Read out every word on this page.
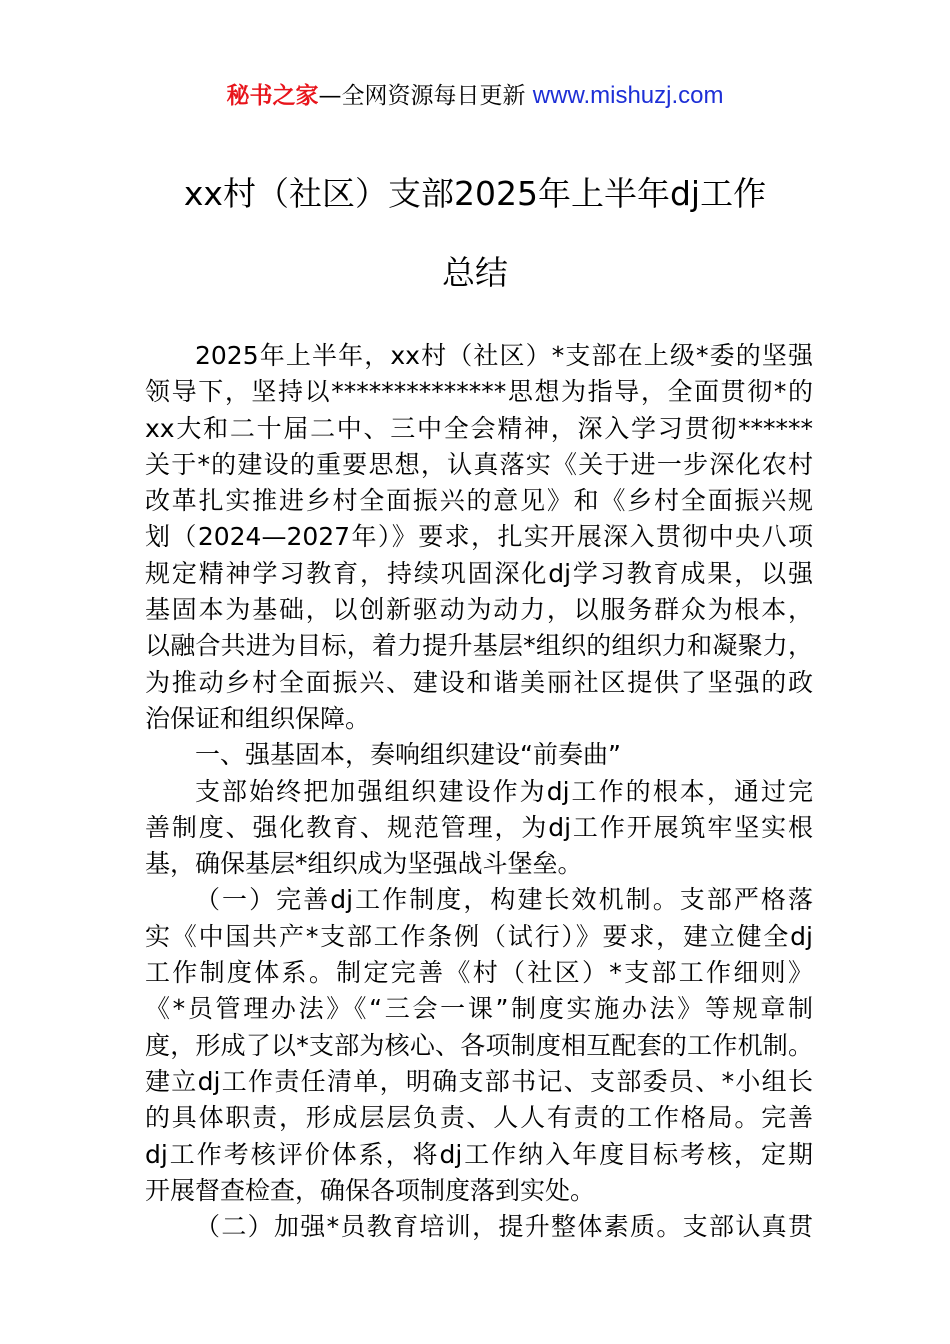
秘书之家—全网资源每日更新 www.mishuzj.com
xx村（社区）支部2025年上半年dj工作
总结
2025年上半年，xx村（社区）*支部在上级*委的坚强
领导下，坚持以**************思想为指导，全面贯彻*的
xx大和二十届二中、三中全会精神，深入学习贯彻******
关于*的建设的重要思想，认真落实《关于进一步深化农村
改革扎实推进乡村全面振兴的意见》和《乡村全面振兴规
划（2024—2027年）》要求，扎实开展深入贯彻中央八项
规定精神学习教育，持续巩固深化dj学习教育成果，以强
基固本为基础，以创新驱动为动力，以服务群众为根本，
以融合共进为目标，着力提升基层*组织的组织力和凝聚力，
为推动乡村全面振兴、建设和谐美丽社区提供了坚强的政
治保证和组织保障。
一、强基固本，奏响组织建设“前奏曲”
支部始终把加强组织建设作为dj工作的根本，通过完
善制度、强化教育、规范管理，为dj工作开展筑牢坚实根
基，确保基层*组织成为坚强战斗堡垒。
（一）完善dj工作制度，构建长效机制。支部严格落
实《中国共产*支部工作条例（试行）》要求，建立健全dj
工作制度体系。制定完善《村（社区）*支部工作细则》
《*员管理办法》《“三会一课”制度实施办法》等规章制
度，形成了以*支部为核心、各项制度相互配套的工作机制。
建立dj工作责任清单，明确支部书记、支部委员、*小组长
的具体职责，形成层层负责、人人有责的工作格局。完善
dj工作考核评价体系，将dj工作纳入年度目标考核，定期
开展督查检查，确保各项制度落到实处。
（二）加强*员教育培训，提升整体素质。支部认真贯
